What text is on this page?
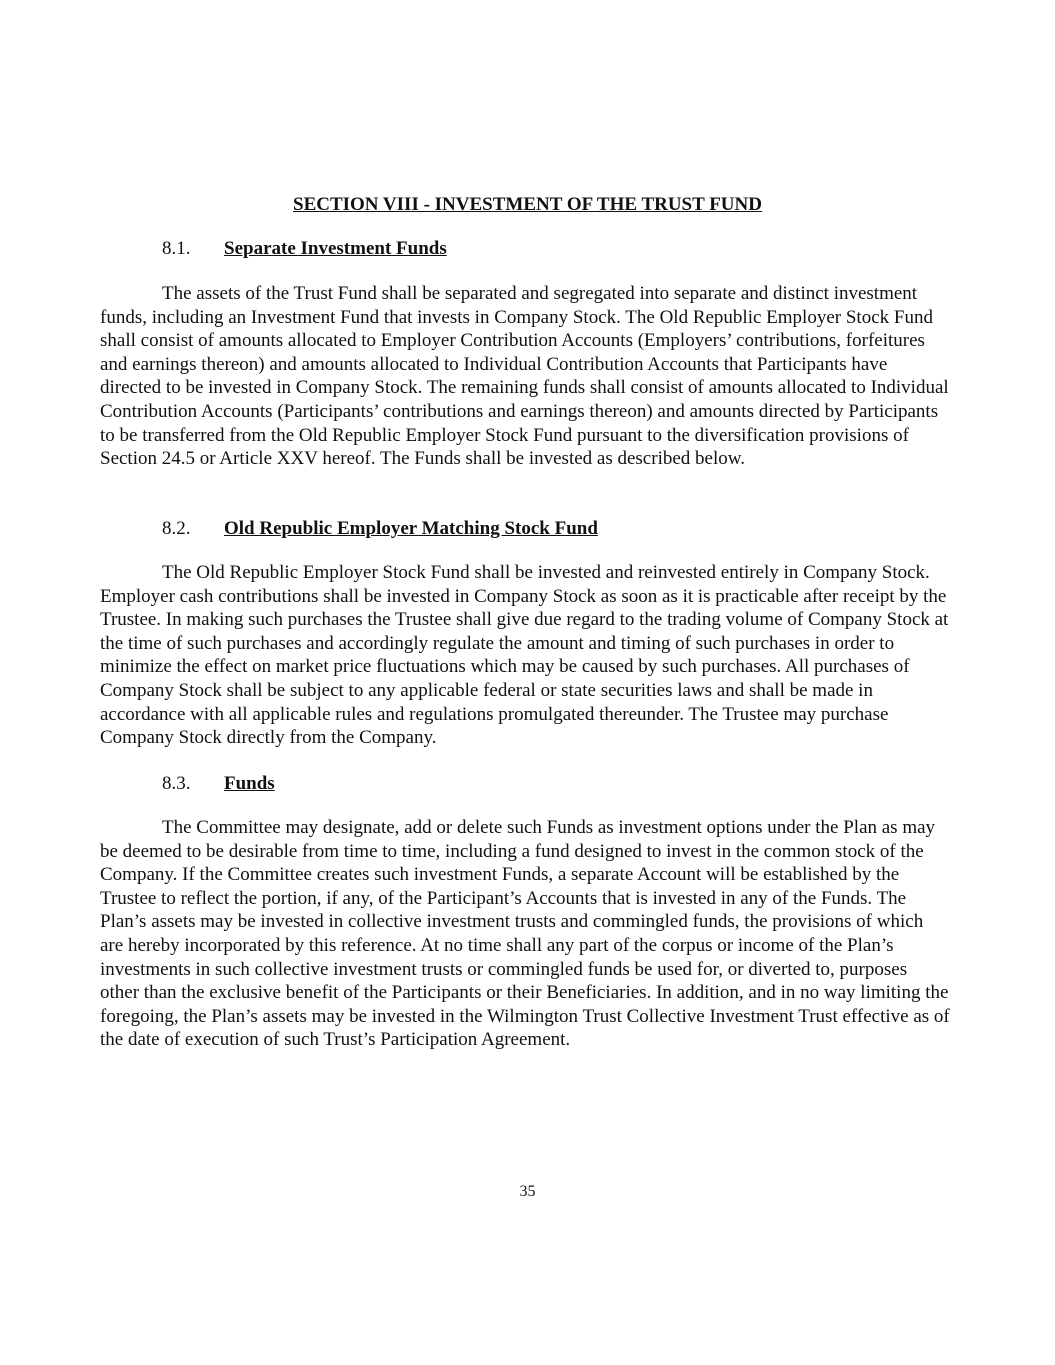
SECTION VIII - INVESTMENT OF THE TRUST FUND
8.1. Separate Investment Funds

The assets of the Trust Fund shall be separated and segregated into separate and distinct investment funds, including an Investment Fund that invests in Company Stock. The Old Republic Employer Stock Fund shall consist of amounts allocated to Employer Contribution Accounts (Employers’ contributions, forfeitures and earnings thereon) and amounts allocated to Individual Contribution Accounts that Participants have directed to be invested in Company Stock. The remaining funds shall consist of amounts allocated to Individual Contribution Accounts (Participants’ contributions and earnings thereon) and amounts directed by Participants to be transferred from the Old Republic Employer Stock Fund pursuant to the diversification provisions of Section 24.5 or Article XXV hereof. The Funds shall be invested as described below.

8.2. Old Republic Employer Matching Stock Fund

The Old Republic Employer Stock Fund shall be invested and reinvested entirely in Company Stock. Employer cash contributions shall be invested in Company Stock as soon as it is practicable after receipt by the Trustee. In making such purchases the Trustee shall give due regard to the trading volume of Company Stock at the time of such purchases and accordingly regulate the amount and timing of such purchases in order to minimize the effect on market price fluctuations which may be caused by such purchases. All purchases of Company Stock shall be subject to any applicable federal or state securities laws and shall be made in accordance with all applicable rules and regulations promulgated thereunder. The Trustee may purchase Company Stock directly from the Company.

8.3. Funds

The Committee may designate, add or delete such Funds as investment options under the Plan as may be deemed to be desirable from time to time, including a fund designed to invest in the common stock of the Company. If the Committee creates such investment Funds, a separate Account will be established by the Trustee to reflect the portion, if any, of the Participant’s Accounts that is invested in any of the Funds. The Plan’s assets may be invested in collective investment trusts and commingled funds, the provisions of which are hereby incorporated by this reference. At no time shall any part of the corpus or income of the Plan’s investments in such collective investment trusts or commingled funds be used for, or diverted to, purposes other than the exclusive benefit of the Participants or their Beneficiaries. In addition, and in no way limiting the foregoing, the Plan’s assets may be invested in the Wilmington Trust Collective Investment Trust effective as of the date of execution of such Trust’s Participation Agreement.

35
